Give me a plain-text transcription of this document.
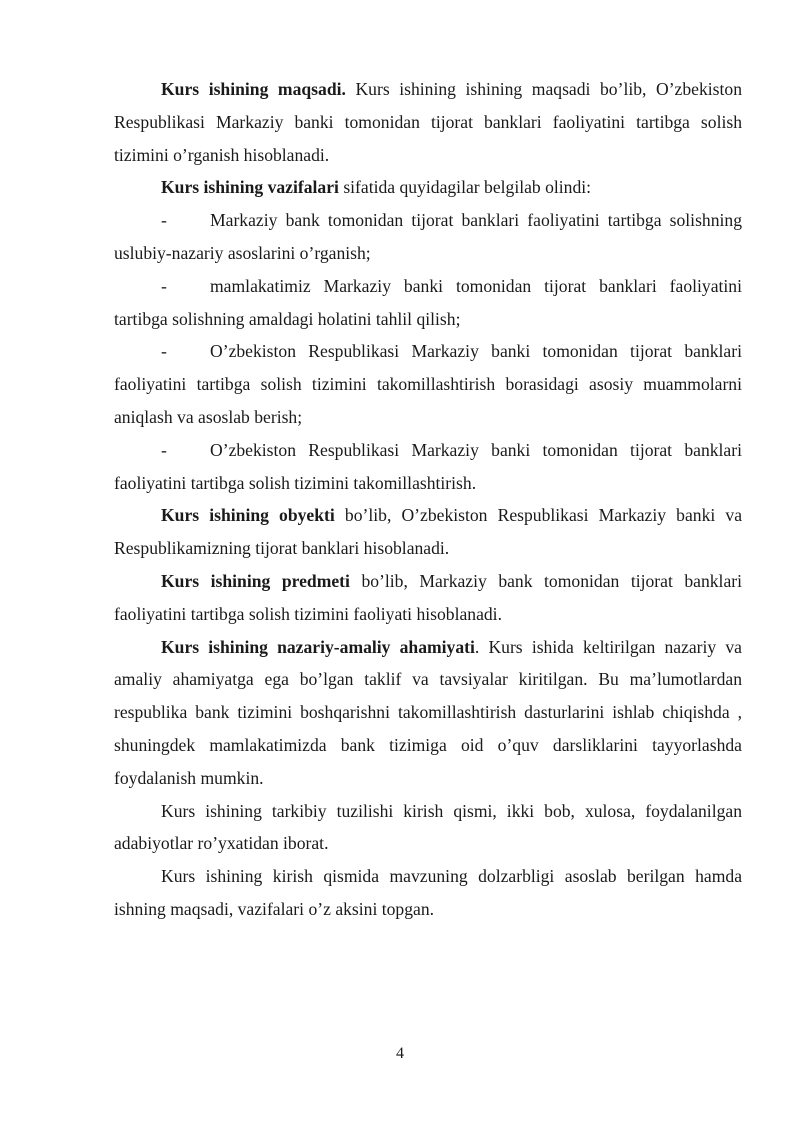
Kurs ishining maqsadi. Kurs ishining ishining maqsadi bo’lib, O’zbekiston Respublikasi Markaziy banki tomonidan tijorat banklari faoliyatini tartibga solish tizimini o’rganish hisoblanadi.

Kurs ishining vazifalari sifatida quyidagilar belgilab olindi:

- Markaziy bank tomonidan tijorat banklari faoliyatini tartibga solishning uslubiy-nazariy asoslarini o’rganish;

- mamlakatimiz Markaziy banki tomonidan tijorat banklari faoliyatini tartibga solishning amaldagi holatini tahlil qilish;

- O’zbekiston Respublikasi Markaziy banki tomonidan tijorat banklari faoliyatini tartibga solish tizimini takomillashtirish borasidagi asosiy muammolarni aniqlash va asoslab berish;

- O’zbekiston Respublikasi Markaziy banki tomonidan tijorat banklari faoliyatini tartibga solish tizimini takomillashtirish.

Kurs ishining obyekti bo’lib, O’zbekiston Respublikasi Markaziy banki va Respublikamizning tijorat banklari hisoblanadi.

Kurs ishining predmeti bo’lib, Markaziy bank tomonidan tijorat banklari faoliyatini tartibga solish tizimini faoliyati hisoblanadi.

Kurs ishining nazariy-amaliy ahamiyati. Kurs ishida keltirilgan nazariy va amaliy ahamiyatga ega bo’lgan taklif va tavsiyalar kiritilgan. Bu ma’lumotlardan respublika bank tizimini boshqarishni takomillashtirish dasturlarini ishlab chiqishda , shuningdek mamlakatimizda bank tizimiga oid o’quv darsliklarini tayyorlashda foydalanish mumkin.

Kurs ishining tarkibiy tuzilishi kirish qismi, ikki bob, xulosa, foydalanilgan adabiyotlar ro’yxatidan iborat.

Kurs ishining kirish qismida mavzuning dolzarbligi asoslab berilgan hamda ishning maqsadi, vazifalari o’z aksini topgan.

4
